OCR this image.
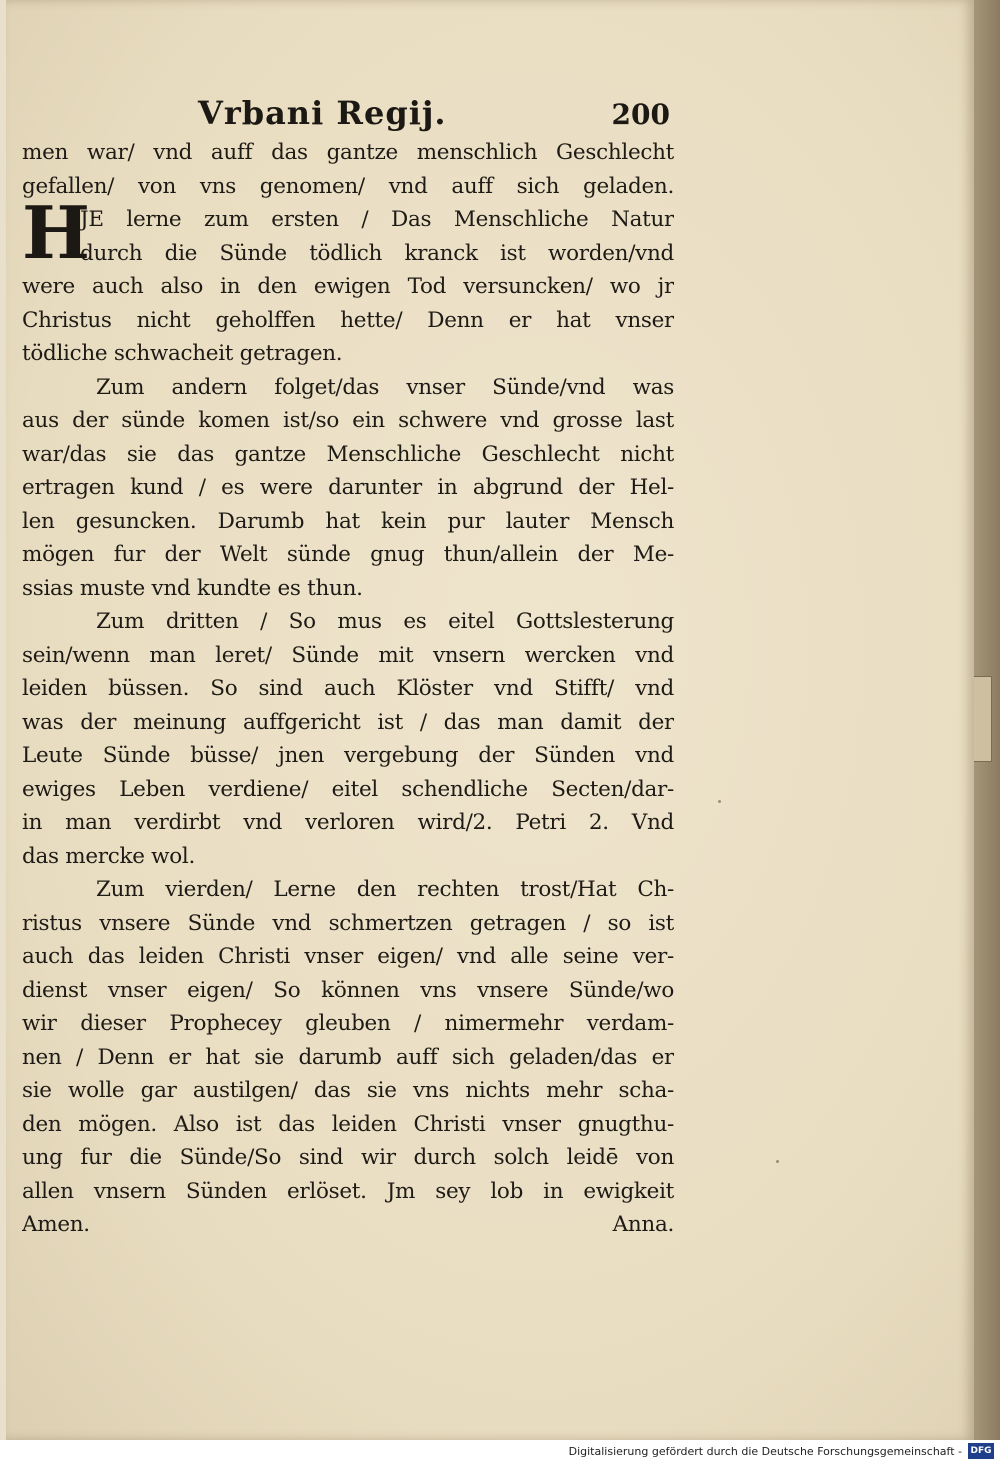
Vrbani Regij.	200
men war/ vnd auff das gantze menschlich Geschlecht
gefallen/ von vns genomen/ vnd auff sich geladen.
H
JE lerne zum ersten / Das Menschliche Natur
durch die Sünde tödlich kranck ist worden/vnd
were auch also in den ewigen Tod versuncken/ wo jr
Christus nicht geholffen hette/ Denn er hat vnser
tödliche schwacheit getragen.
Zum andern folget/das vnser Sünde/vnd was
aus der sünde komen ist/so ein schwere vnd grosse last
war/das sie das gantze Menschliche Geschlecht nicht
ertragen kund / es were darunter in abgrund der Hel-
len gesuncken. Darumb hat kein pur lauter Mensch
mögen fur der Welt sünde gnug thun/allein der Me-
ssias muste vnd kundte es thun.
Zum dritten / So mus es eitel Gottslesterung
sein/wenn man leret/ Sünde mit vnsern wercken vnd
leiden büssen. So sind auch Klöster vnd Stifft/ vnd
was der meinung auffgericht ist / das man damit der
Leute Sünde büsse/ jnen vergebung der Sünden vnd
ewiges Leben verdiene/ eitel schendliche Secten/dar-
in man verdirbt vnd verloren wird/2. Petri 2. Vnd
das mercke wol.
Zum vierden/ Lerne den rechten trost/Hat Ch-
ristus vnsere Sünde vnd schmertzen getragen / so ist
auch das leiden Christi vnser eigen/ vnd alle seine ver-
dienst vnser eigen/ So können vns vnsere Sünde/wo
wir dieser Prophecey gleuben / nimermehr verdam-
nen / Denn er hat sie darumb auff sich geladen/das er
sie wolle gar austilgen/ das sie vns nichts mehr scha-
den mögen. Also ist das leiden Christi vnser gnugthu-
ung fur die Sünde/So sind wir durch solch leidē von
allen vnsern Sünden erlöset. Jm sey lob in ewigkeit
Amen.	Anna.
Digitalisierung gefördert durch die Deutsche Forschungsgemeinschaft - DFG
